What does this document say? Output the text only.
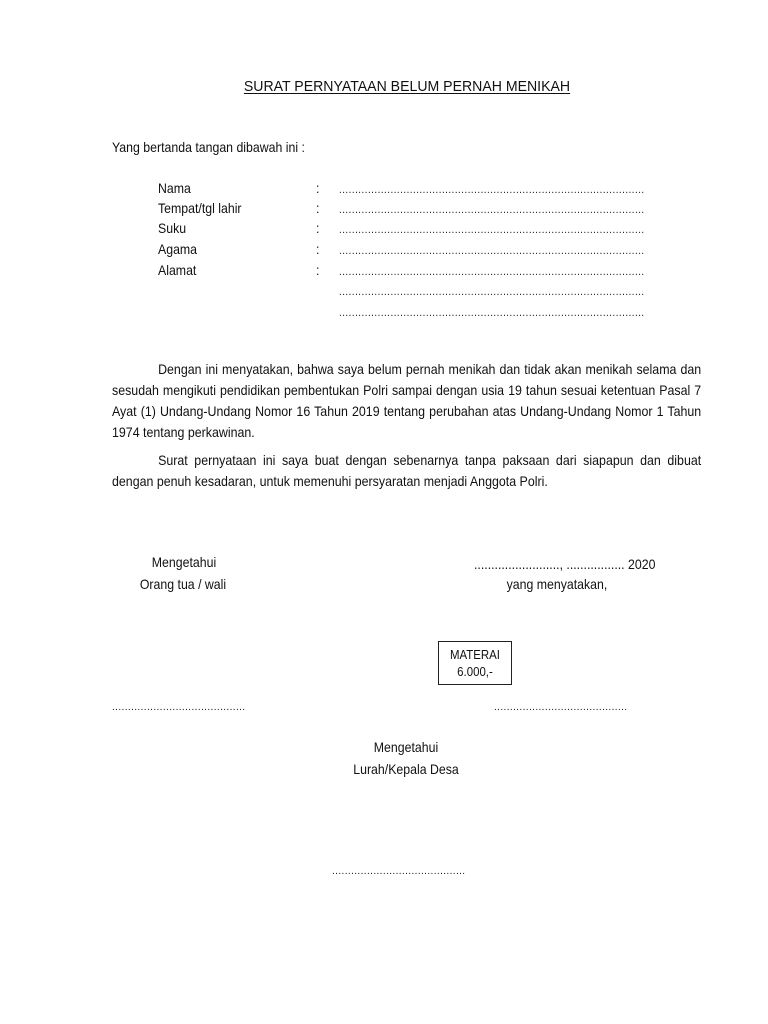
SURAT PERNYATAAN BELUM PERNAH MENIKAH
Yang bertanda tangan dibawah ini :
Nama	: ...............................................................................................
Tempat/tgl lahir	: ...............................................................................................
Suku	: ...............................................................................................
Agama	: ...............................................................................................
Alamat	: ...............................................................................................
...............................................................................................
...............................................................................................

Dengan ini menyatakan, bahwa saya belum pernah menikah dan tidak akan menikah selama dan sesudah mengikuti pendidikan pembentukan Polri sampai dengan usia 19 tahun sesuai ketentuan Pasal 7 Ayat (1) Undang-Undang Nomor 16 Tahun 2019 tentang perubahan atas Undang-Undang Nomor 1 Tahun 1974 tentang perkawinan.

Surat pernyataan ini saya buat dengan sebenarnya tanpa paksaan dari siapapun dan dibuat dengan penuh kesadaran, untuk memenuhi persyaratan menjadi Anggota Polri.

Mengetahui
Orang tua / wali
........................., ................. 2020
yang menyatakan,
MATERAI
6.000,-
..........................................	..........................................
Mengetahui
Lurah/Kepala Desa
..........................................
